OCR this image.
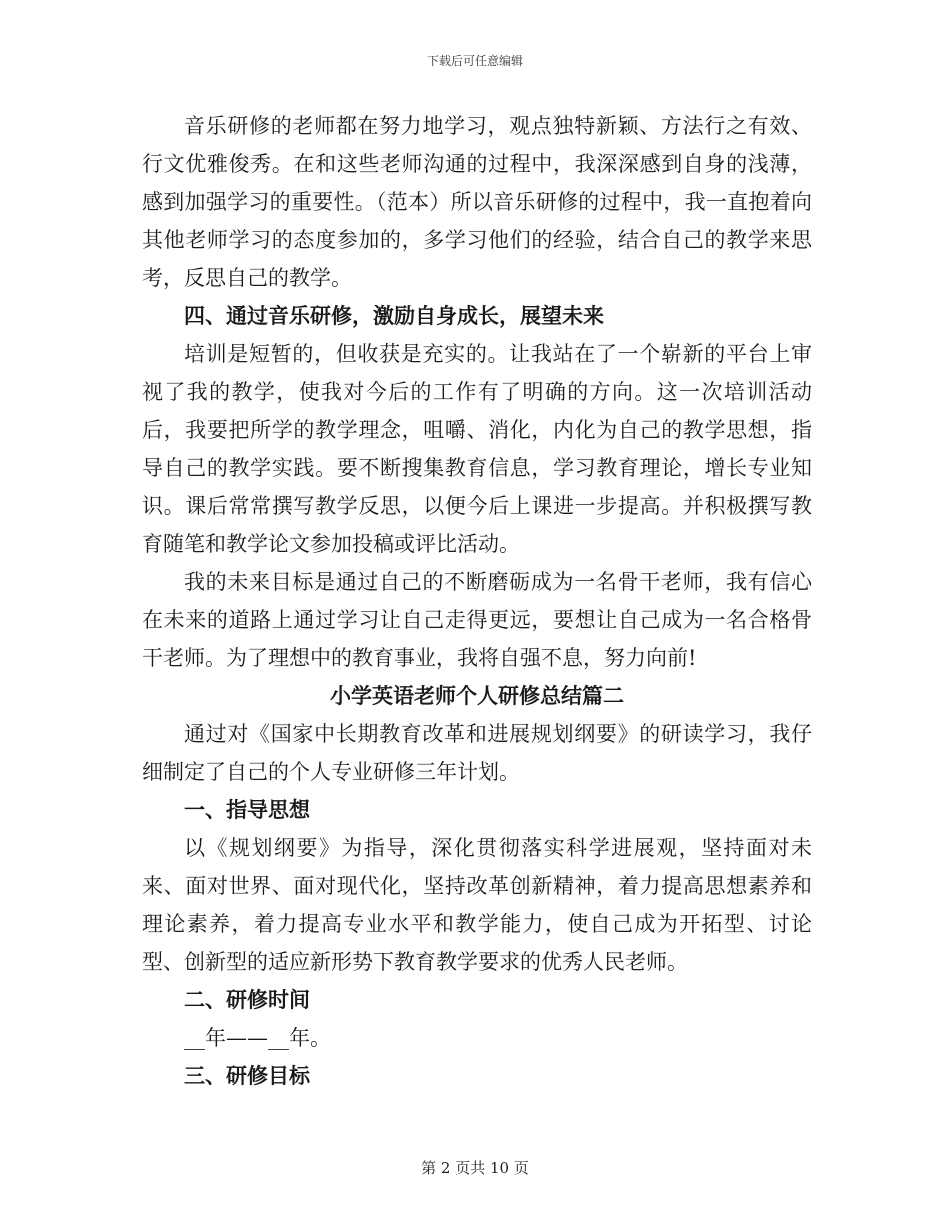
下载后可任意编辑

音乐研修的老师都在努力地学习，观点独特新颖、方法行之有效、行文优雅俊秀。在和这些老师沟通的过程中，我深深感到自身的浅薄，感到加强学习的重要性。（范本）所以音乐研修的过程中，我一直抱着向其他老师学习的态度参加的，多学习他们的经验，结合自己的教学来思考，反思自己的教学。

四、通过音乐研修，激励自身成长，展望未来

培训是短暂的，但收获是充实的。让我站在了一个崭新的平台上审视了我的教学，使我对今后的工作有了明确的方向。这一次培训活动后，我要把所学的教学理念，咀嚼、消化，内化为自己的教学思想，指导自己的教学实践。要不断搜集教育信息，学习教育理论，增长专业知识。课后常常撰写教学反思，以便今后上课进一步提高。并积极撰写教育随笔和教学论文参加投稿或评比活动。

我的未来目标是通过自己的不断磨砺成为一名骨干老师，我有信心在未来的道路上通过学习让自己走得更远，要想让自己成为一名合格骨干老师。为了理想中的教育事业，我将自强不息，努力向前!

小学英语老师个人研修总结篇二

通过对《国家中长期教育改革和进展规划纲要》的研读学习，我仔细制定了自己的个人专业研修三年计划。

一、指导思想

以《规划纲要》为指导，深化贯彻落实科学进展观，坚持面对未来、面对世界、面对现代化，坚持改革创新精神，着力提高思想素养和理论素养，着力提高专业水平和教学能力，使自己成为开拓型、讨论型、创新型的适应新形势下教育教学要求的优秀人民老师。

二、研修时间

__年——__年。

三、研修目标

第 2 页共 10 页
